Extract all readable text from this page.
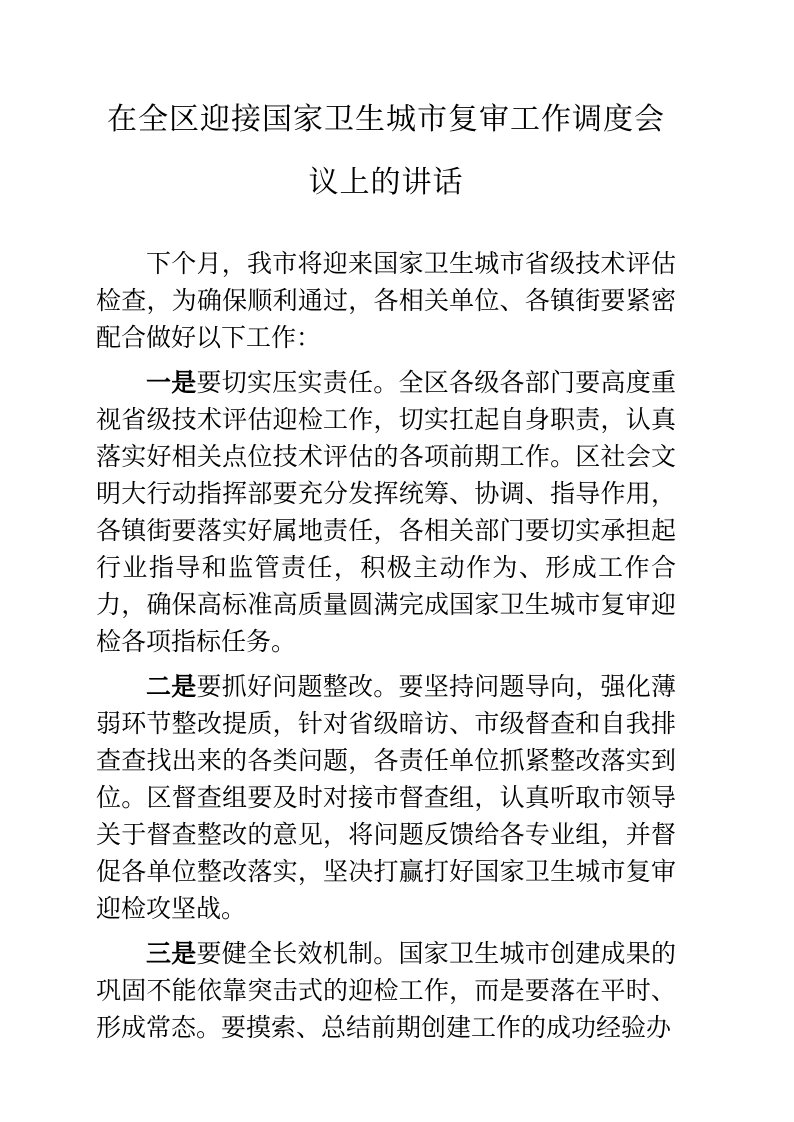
在全区迎接国家卫生城市复审工作调度会
议上的讲话

下个月，我市将迎来国家卫生城市省级技术评估检查，为确保顺利通过，各相关单位、各镇街要紧密配合做好以下工作：

一是要切实压实责任。全区各级各部门要高度重视省级技术评估迎检工作，切实扛起自身职责，认真落实好相关点位技术评估的各项前期工作。区社会文明大行动指挥部要充分发挥统筹、协调、指导作用，各镇街要落实好属地责任，各相关部门要切实承担起行业指导和监管责任，积极主动作为、形成工作合力，确保高标准高质量圆满完成国家卫生城市复审迎检各项指标任务。

二是要抓好问题整改。要坚持问题导向，强化薄弱环节整改提质，针对省级暗访、市级督查和自我排查查找出来的各类问题，各责任单位抓紧整改落实到位。区督查组要及时对接市督查组，认真听取市领导关于督查整改的意见，将问题反馈给各专业组，并督促各单位整改落实，坚决打赢打好国家卫生城市复审迎检攻坚战。

三是要健全长效机制。国家卫生城市创建成果的巩固不能依靠突击式的迎检工作，而是要落在平时、形成常态。要摸索、总结前期创建工作的成功经验办
